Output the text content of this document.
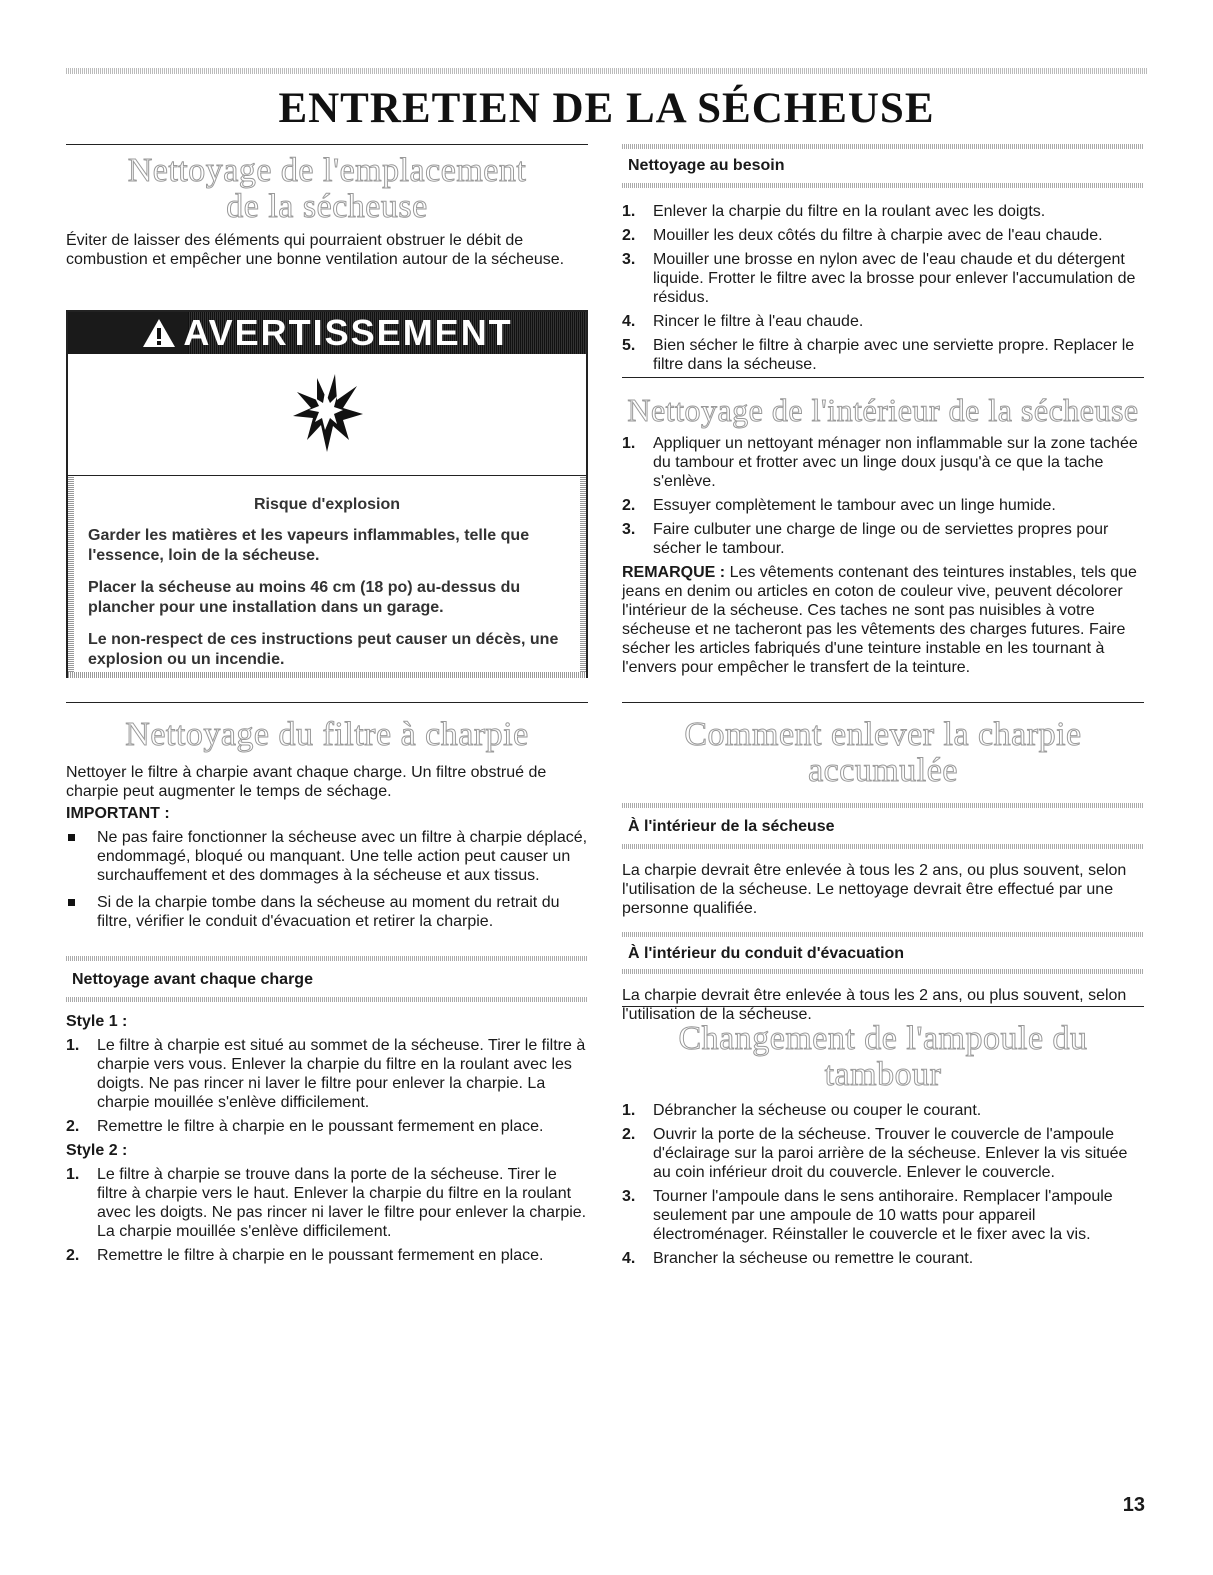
ENTRETIEN DE LA SÉCHEUSE
Nettoyage de l'emplacement
de la sécheuse

Éviter de laisser des éléments qui pourraient obstruer le débit de combustion et empêcher une bonne ventilation autour de la sécheuse.

AVERTISSEMENT
Risque d'explosion
Garder les matières et les vapeurs inflammables, telle que l'essence, loin de la sécheuse.
Placer la sécheuse au moins 46 cm (18 po) au-dessus du plancher pour une installation dans un garage.
Le non-respect de ces instructions peut causer un décès, une explosion ou un incendie.
Nettoyage du filtre à charpie

Nettoyer le filtre à charpie avant chaque charge. Un filtre obstrué de charpie peut augmenter le temps de séchage.

IMPORTANT :
Ne pas faire fonctionner la sécheuse avec un filtre à charpie déplacé, endommagé, bloqué ou manquant. Une telle action peut causer un surchauffement et des dommages à la sécheuse et aux tissus.
Si de la charpie tombe dans la sécheuse au moment du retrait du filtre, vérifier le conduit d'évacuation et retirer la charpie.
Nettoyage avant chaque charge
Style 1 :
1. Le filtre à charpie est situé au sommet de la sécheuse. Tirer le filtre à charpie vers vous. Enlever la charpie du filtre en la roulant avec les doigts. Ne pas rincer ni laver le filtre pour enlever la charpie. La charpie mouillée s'enlève difficilement.
2. Remettre le filtre à charpie en le poussant fermement en place.
Style 2 :
1. Le filtre à charpie se trouve dans la porte de la sécheuse. Tirer le filtre à charpie vers le haut. Enlever la charpie du filtre en la roulant avec les doigts. Ne pas rincer ni laver le filtre pour enlever la charpie. La charpie mouillée s'enlève difficilement.
2. Remettre le filtre à charpie en le poussant fermement en place.
Nettoyage au besoin
1. Enlever la charpie du filtre en la roulant avec les doigts.
2. Mouiller les deux côtés du filtre à charpie avec de l'eau chaude.
3. Mouiller une brosse en nylon avec de l'eau chaude et du détergent liquide. Frotter le filtre avec la brosse pour enlever l'accumulation de résidus.
4. Rincer le filtre à l'eau chaude.
5. Bien sécher le filtre à charpie avec une serviette propre. Replacer le filtre dans la sécheuse.
Nettoyage de l'intérieur de la sécheuse
1. Appliquer un nettoyant ménager non inflammable sur la zone tachée du tambour et frotter avec un linge doux jusqu'à ce que la tache s'enlève.
2. Essuyer complètement le tambour avec un linge humide.
3. Faire culbuter une charge de linge ou de serviettes propres pour sécher le tambour.

REMARQUE : Les vêtements contenant des teintures instables, tels que jeans en denim ou articles en coton de couleur vive, peuvent décolorer l'intérieur de la sécheuse. Ces taches ne sont pas nuisibles à votre sécheuse et ne tacheront pas les vêtements des charges futures. Faire sécher les articles fabriqués d'une teinture instable en les tournant à l'envers pour empêcher le transfert de la teinture.

Comment enlever la charpie
accumulée
À l'intérieur de la sécheuse

La charpie devrait être enlevée à tous les 2 ans, ou plus souvent, selon l'utilisation de la sécheuse. Le nettoyage devrait être effectué par une personne qualifiée.

À l'intérieur du conduit d'évacuation

La charpie devrait être enlevée à tous les 2 ans, ou plus souvent, selon l'utilisation de la sécheuse.

Changement de l'ampoule du
tambour
1. Débrancher la sécheuse ou couper le courant.
2. Ouvrir la porte de la sécheuse. Trouver le couvercle de l'ampoule d'éclairage sur la paroi arrière de la sécheuse. Enlever la vis située au coin inférieur droit du couvercle. Enlever le couvercle.
3. Tourner l'ampoule dans le sens antihoraire. Remplacer l'ampoule seulement par une ampoule de 10 watts pour appareil électroménager. Réinstaller le couvercle et le fixer avec la vis.
4. Brancher la sécheuse ou remettre le courant.
13
